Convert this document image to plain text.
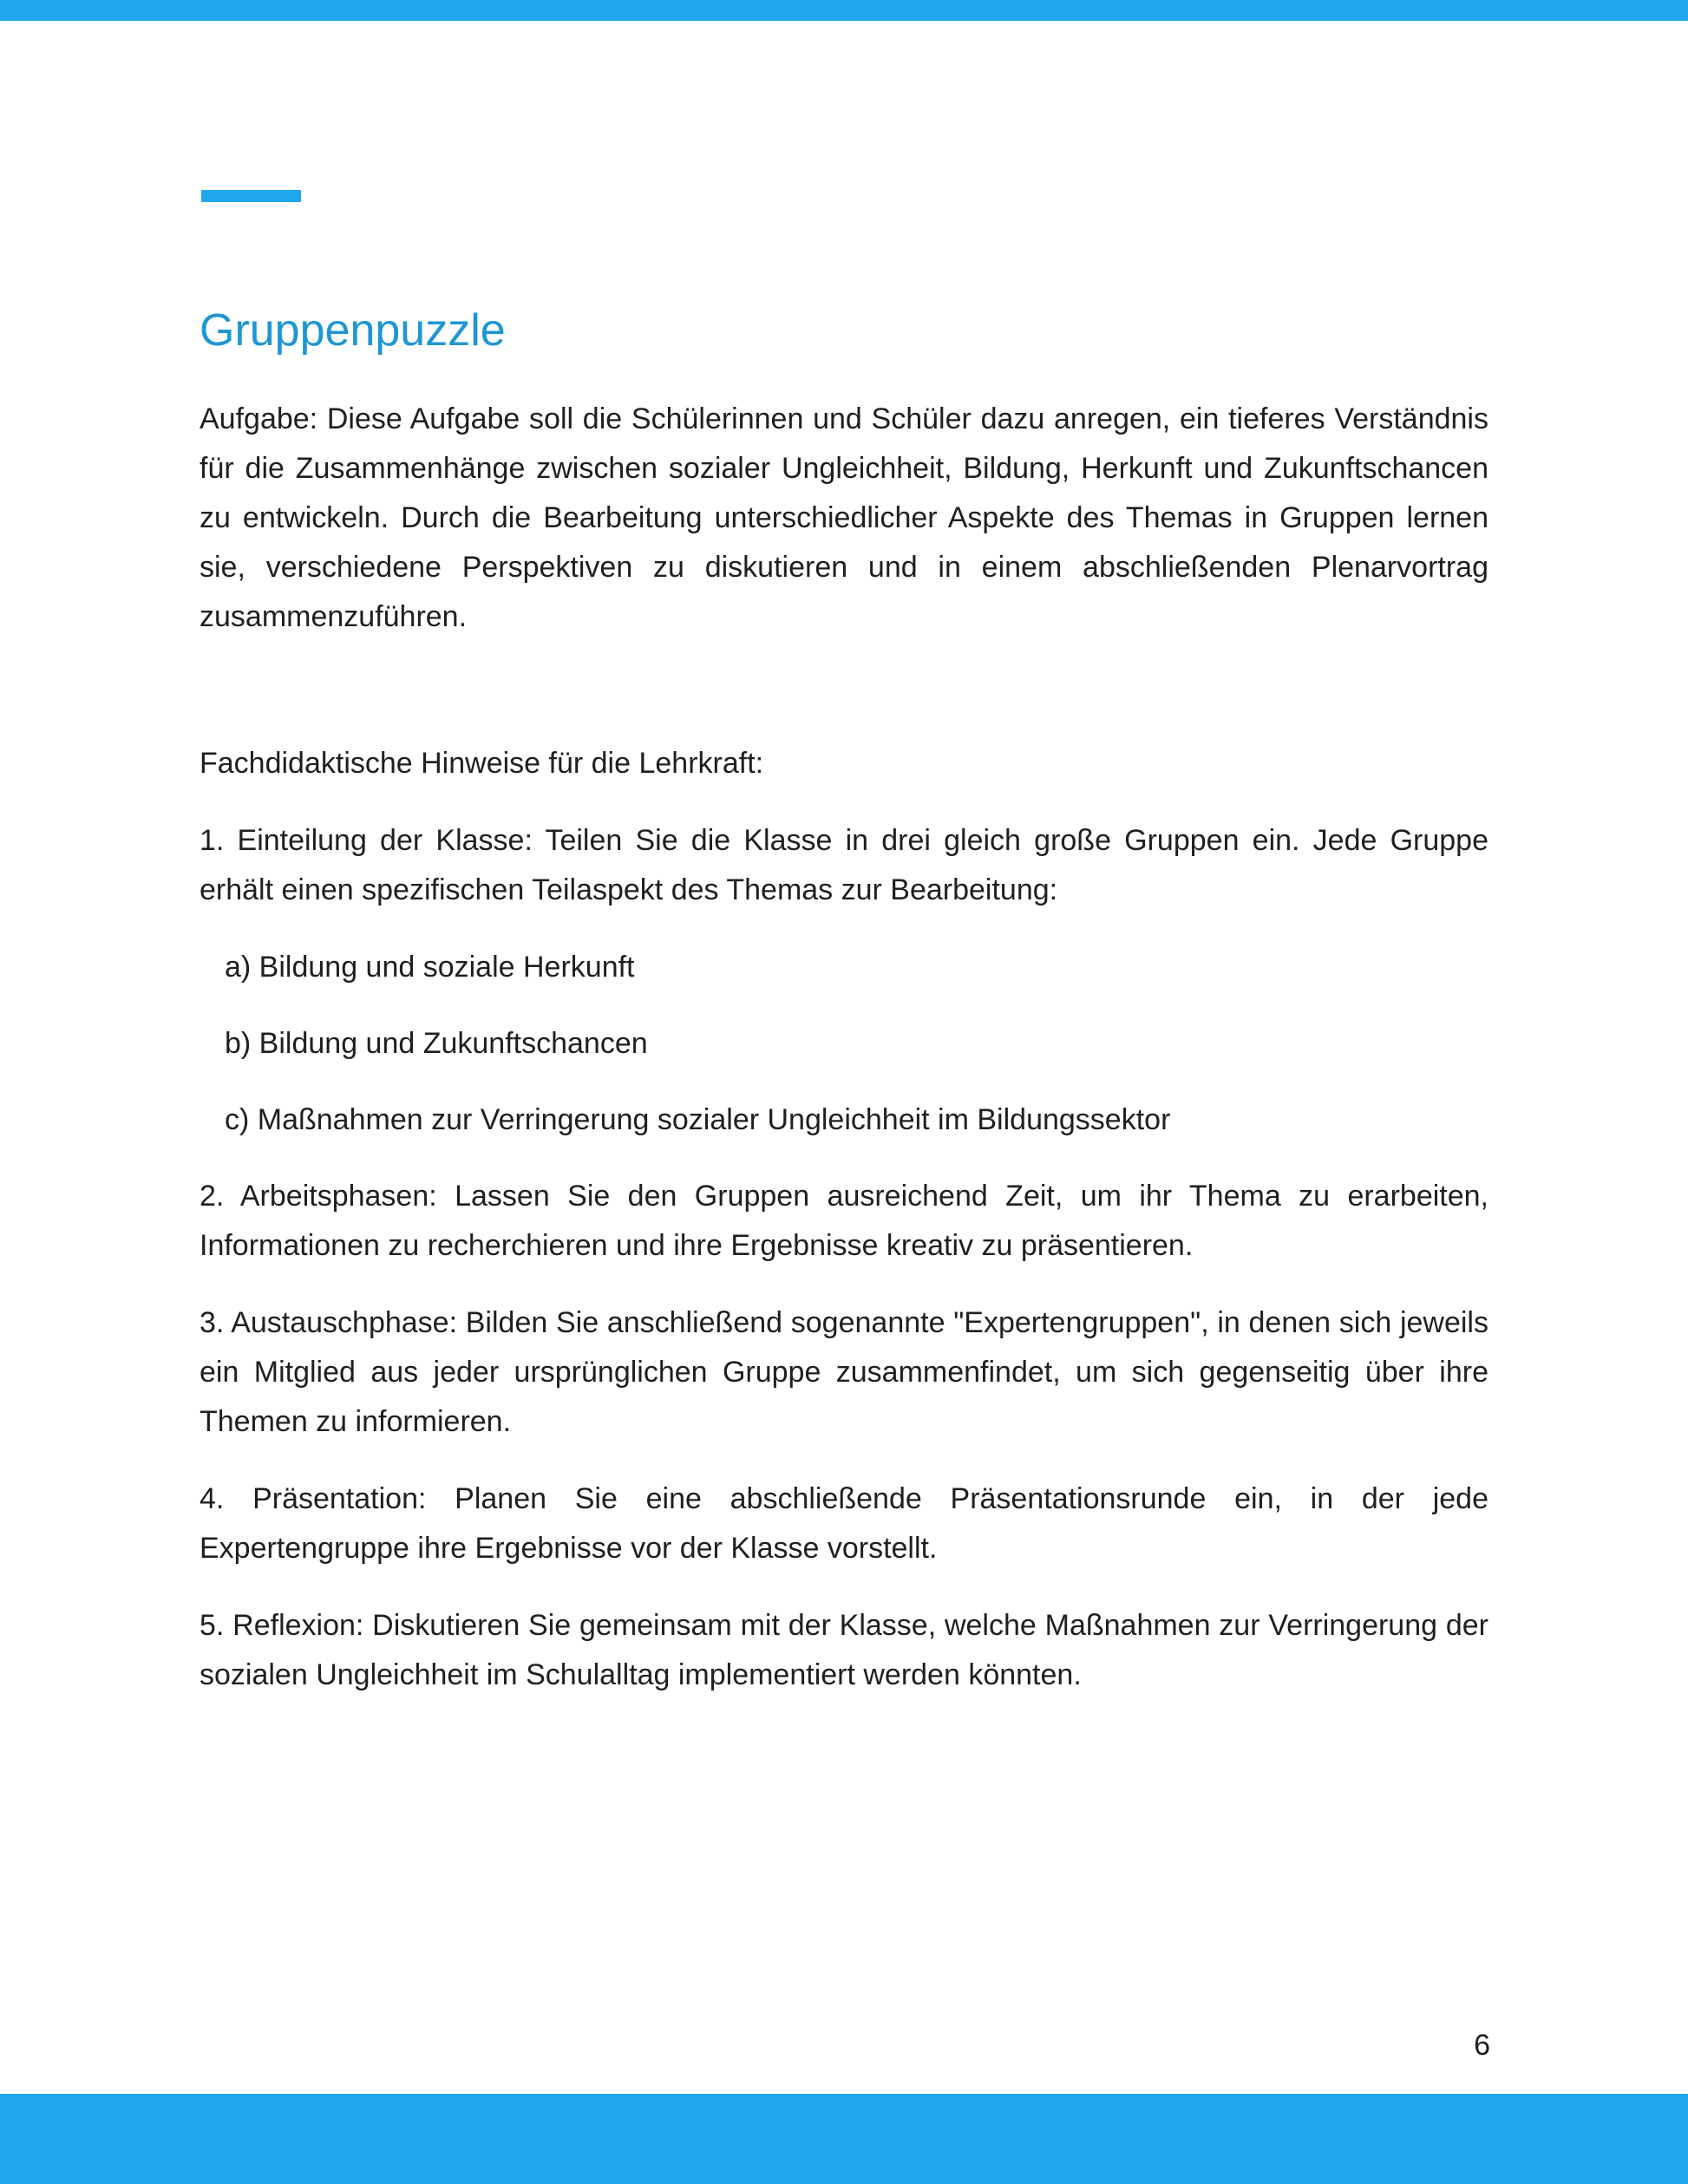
Gruppenpuzzle

Aufgabe: Diese Aufgabe soll die Schülerinnen und Schüler dazu anregen, ein tieferes Verständnis für die Zusammenhänge zwischen sozialer Ungleichheit, Bildung, Herkunft und Zukunftschancen zu entwickeln. Durch die Bearbeitung unterschiedlicher Aspekte des Themas in Gruppen lernen sie, verschiedene Perspektiven zu diskutieren und in einem abschließenden Plenarvortrag zusammenzuführen.

Fachdidaktische Hinweise für die Lehrkraft:

1. Einteilung der Klasse: Teilen Sie die Klasse in drei gleich große Gruppen ein. Jede Gruppe erhält einen spezifischen Teilaspekt des Themas zur Bearbeitung:

a) Bildung und soziale Herkunft

b) Bildung und Zukunftschancen

c) Maßnahmen zur Verringerung sozialer Ungleichheit im Bildungssektor

2. Arbeitsphasen: Lassen Sie den Gruppen ausreichend Zeit, um ihr Thema zu erarbeiten, Informationen zu recherchieren und ihre Ergebnisse kreativ zu präsentieren.

3. Austauschphase: Bilden Sie anschließend sogenannte "Expertengruppen", in denen sich jeweils ein Mitglied aus jeder ursprünglichen Gruppe zusammenfindet, um sich gegenseitig über ihre Themen zu informieren.

4. Präsentation: Planen Sie eine abschließende Präsentationsrunde ein, in der jede Expertengruppe ihre Ergebnisse vor der Klasse vorstellt.

5. Reflexion: Diskutieren Sie gemeinsam mit der Klasse, welche Maßnahmen zur Verringerung der sozialen Ungleichheit im Schulalltag implementiert werden könnten.

6
